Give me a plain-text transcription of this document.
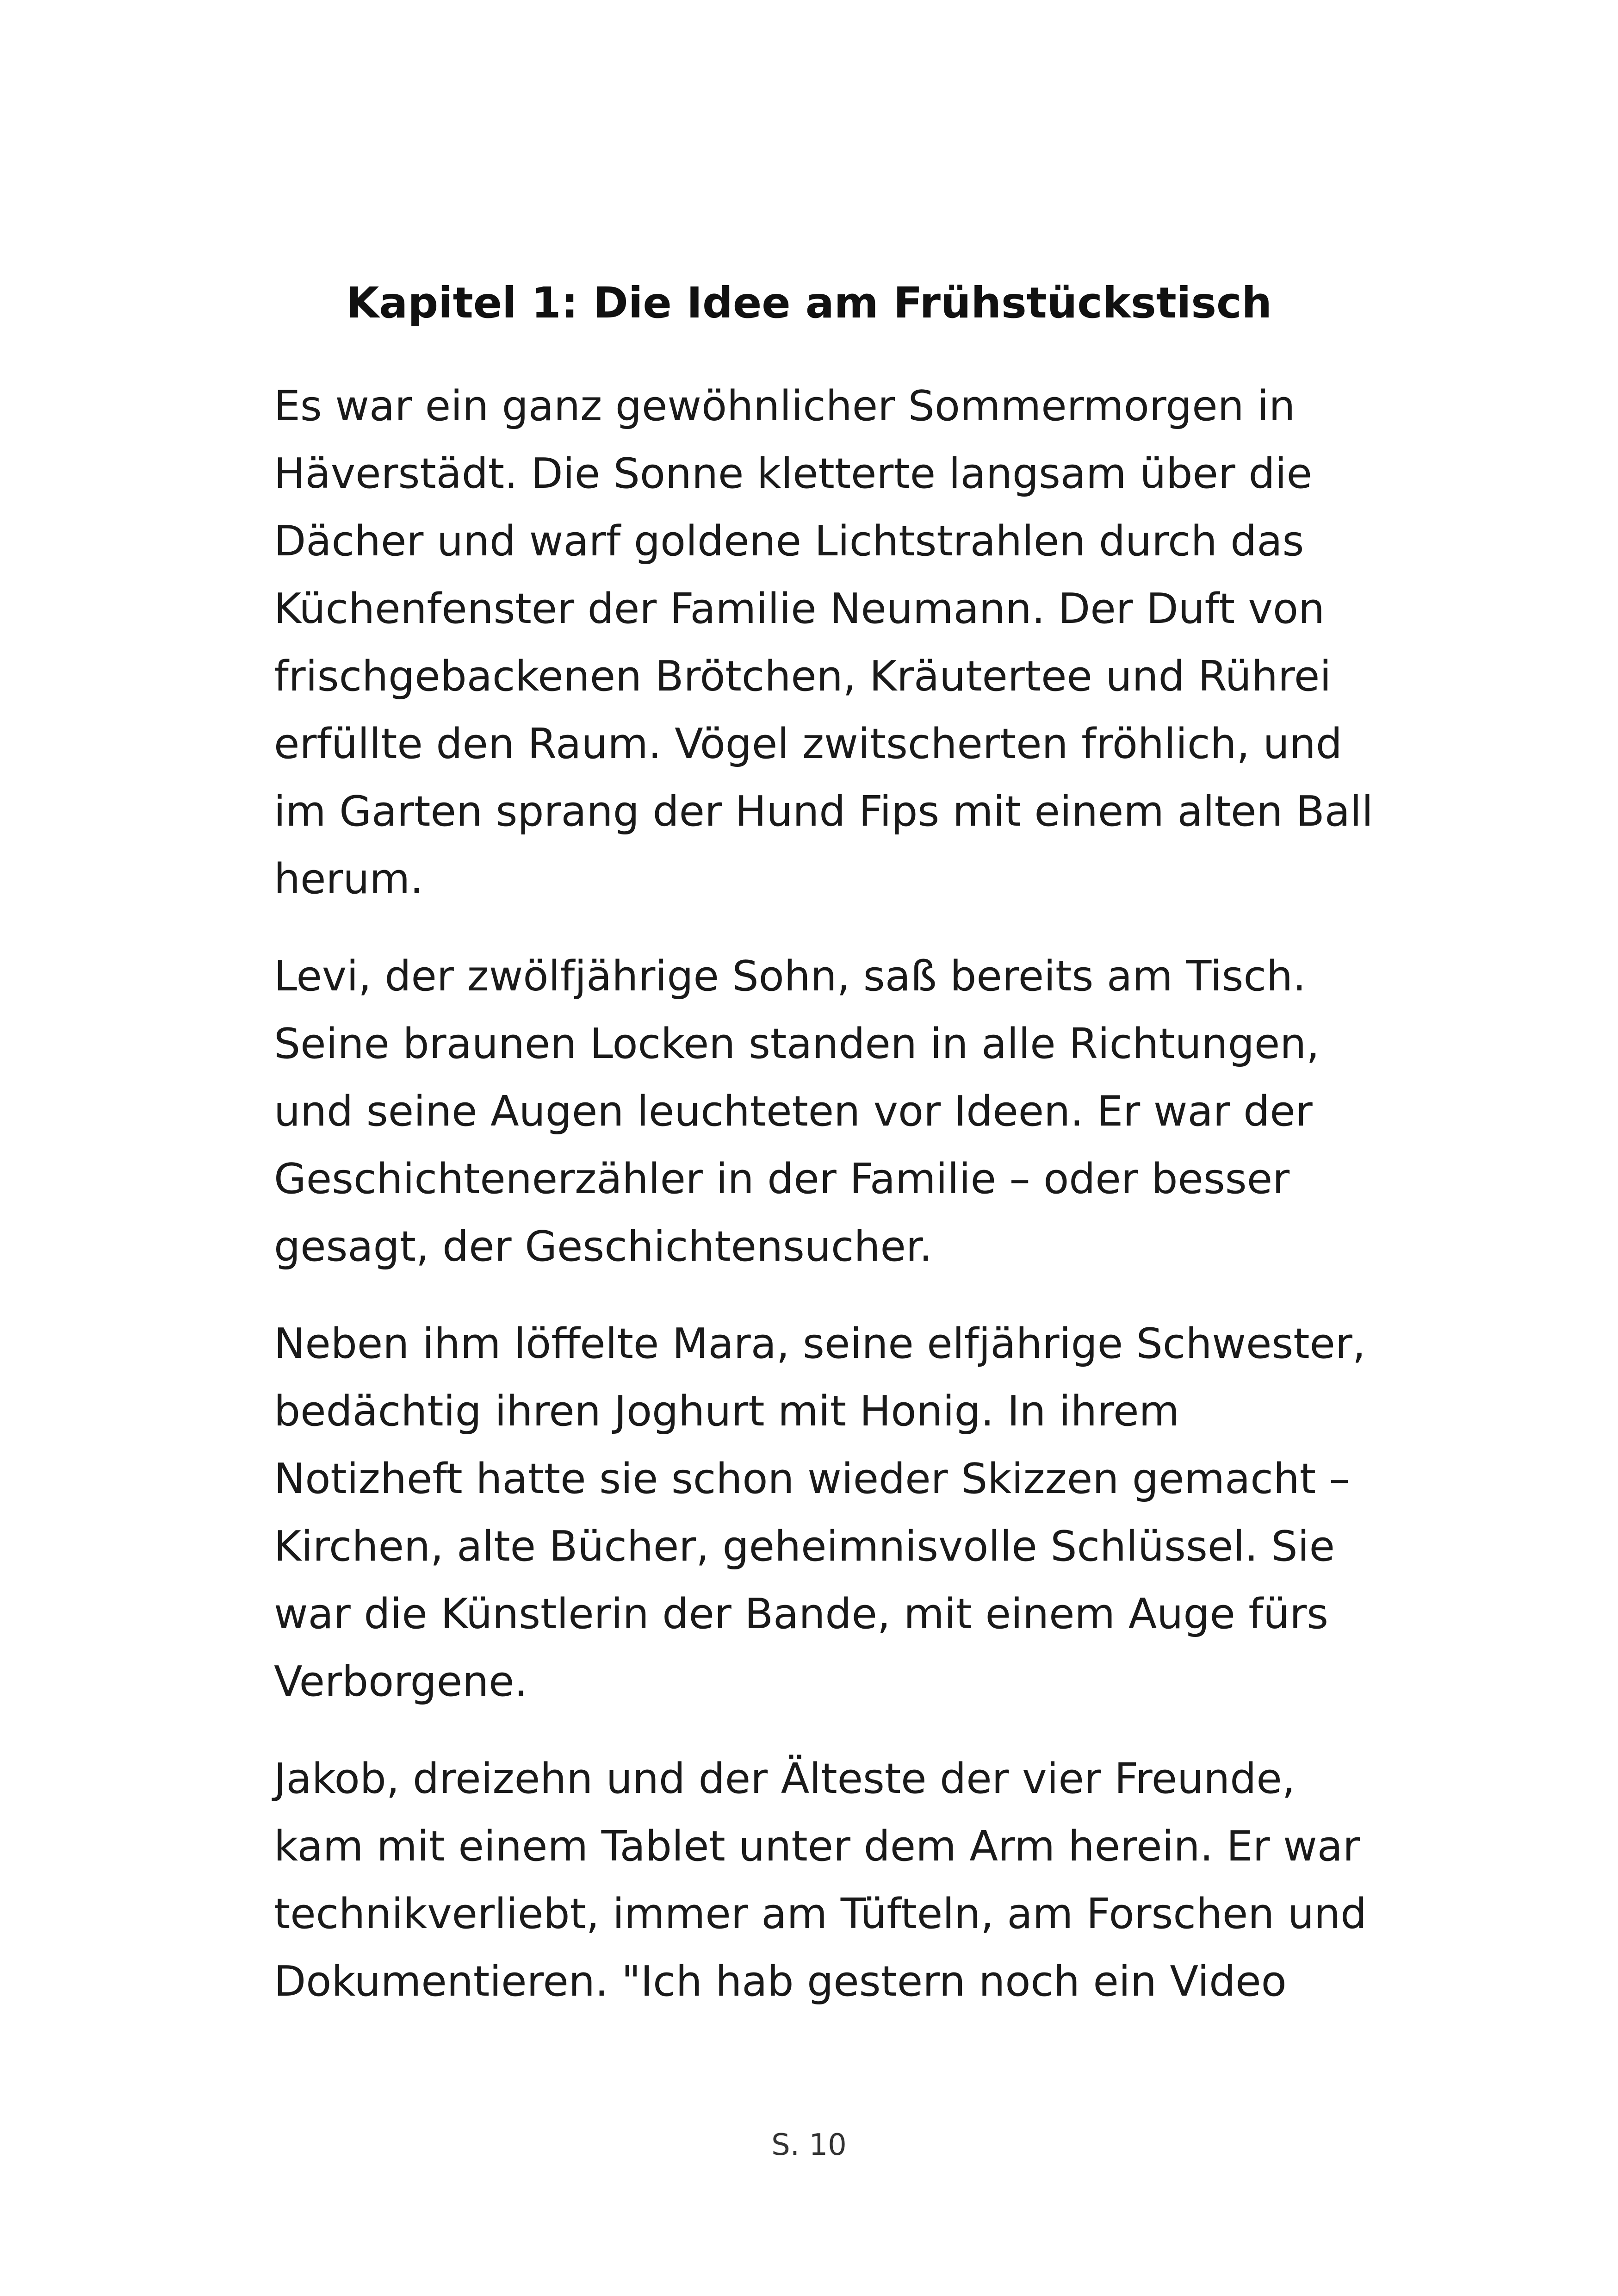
Kapitel 1: Die Idee am Frühstückstisch

Es war ein ganz gewöhnlicher Sommermorgen in
Häverstädt. Die Sonne kletterte langsam über die
Dächer und warf goldene Lichtstrahlen durch das
Küchenfenster der Familie Neumann. Der Duft von
frischgebackenen Brötchen, Kräutertee und Rührei
erfüllte den Raum. Vögel zwitscherten fröhlich, und
im Garten sprang der Hund Fips mit einem alten Ball
herum.

Levi, der zwölfjährige Sohn, saß bereits am Tisch.
Seine braunen Locken standen in alle Richtungen,
und seine Augen leuchteten vor Ideen. Er war der
Geschichtenerzähler in der Familie – oder besser
gesagt, der Geschichtensucher.

Neben ihm löffelte Mara, seine elfjährige Schwester,
bedächtig ihren Joghurt mit Honig. In ihrem
Notizheft hatte sie schon wieder Skizzen gemacht –
Kirchen, alte Bücher, geheimnisvolle Schlüssel. Sie
war die Künstlerin der Bande, mit einem Auge fürs
Verborgene.

Jakob, dreizehn und der Älteste der vier Freunde,
kam mit einem Tablet unter dem Arm herein. Er war
technikverliebt, immer am Tüfteln, am Forschen und
Dokumentieren. "Ich hab gestern noch ein Video

S. 10
